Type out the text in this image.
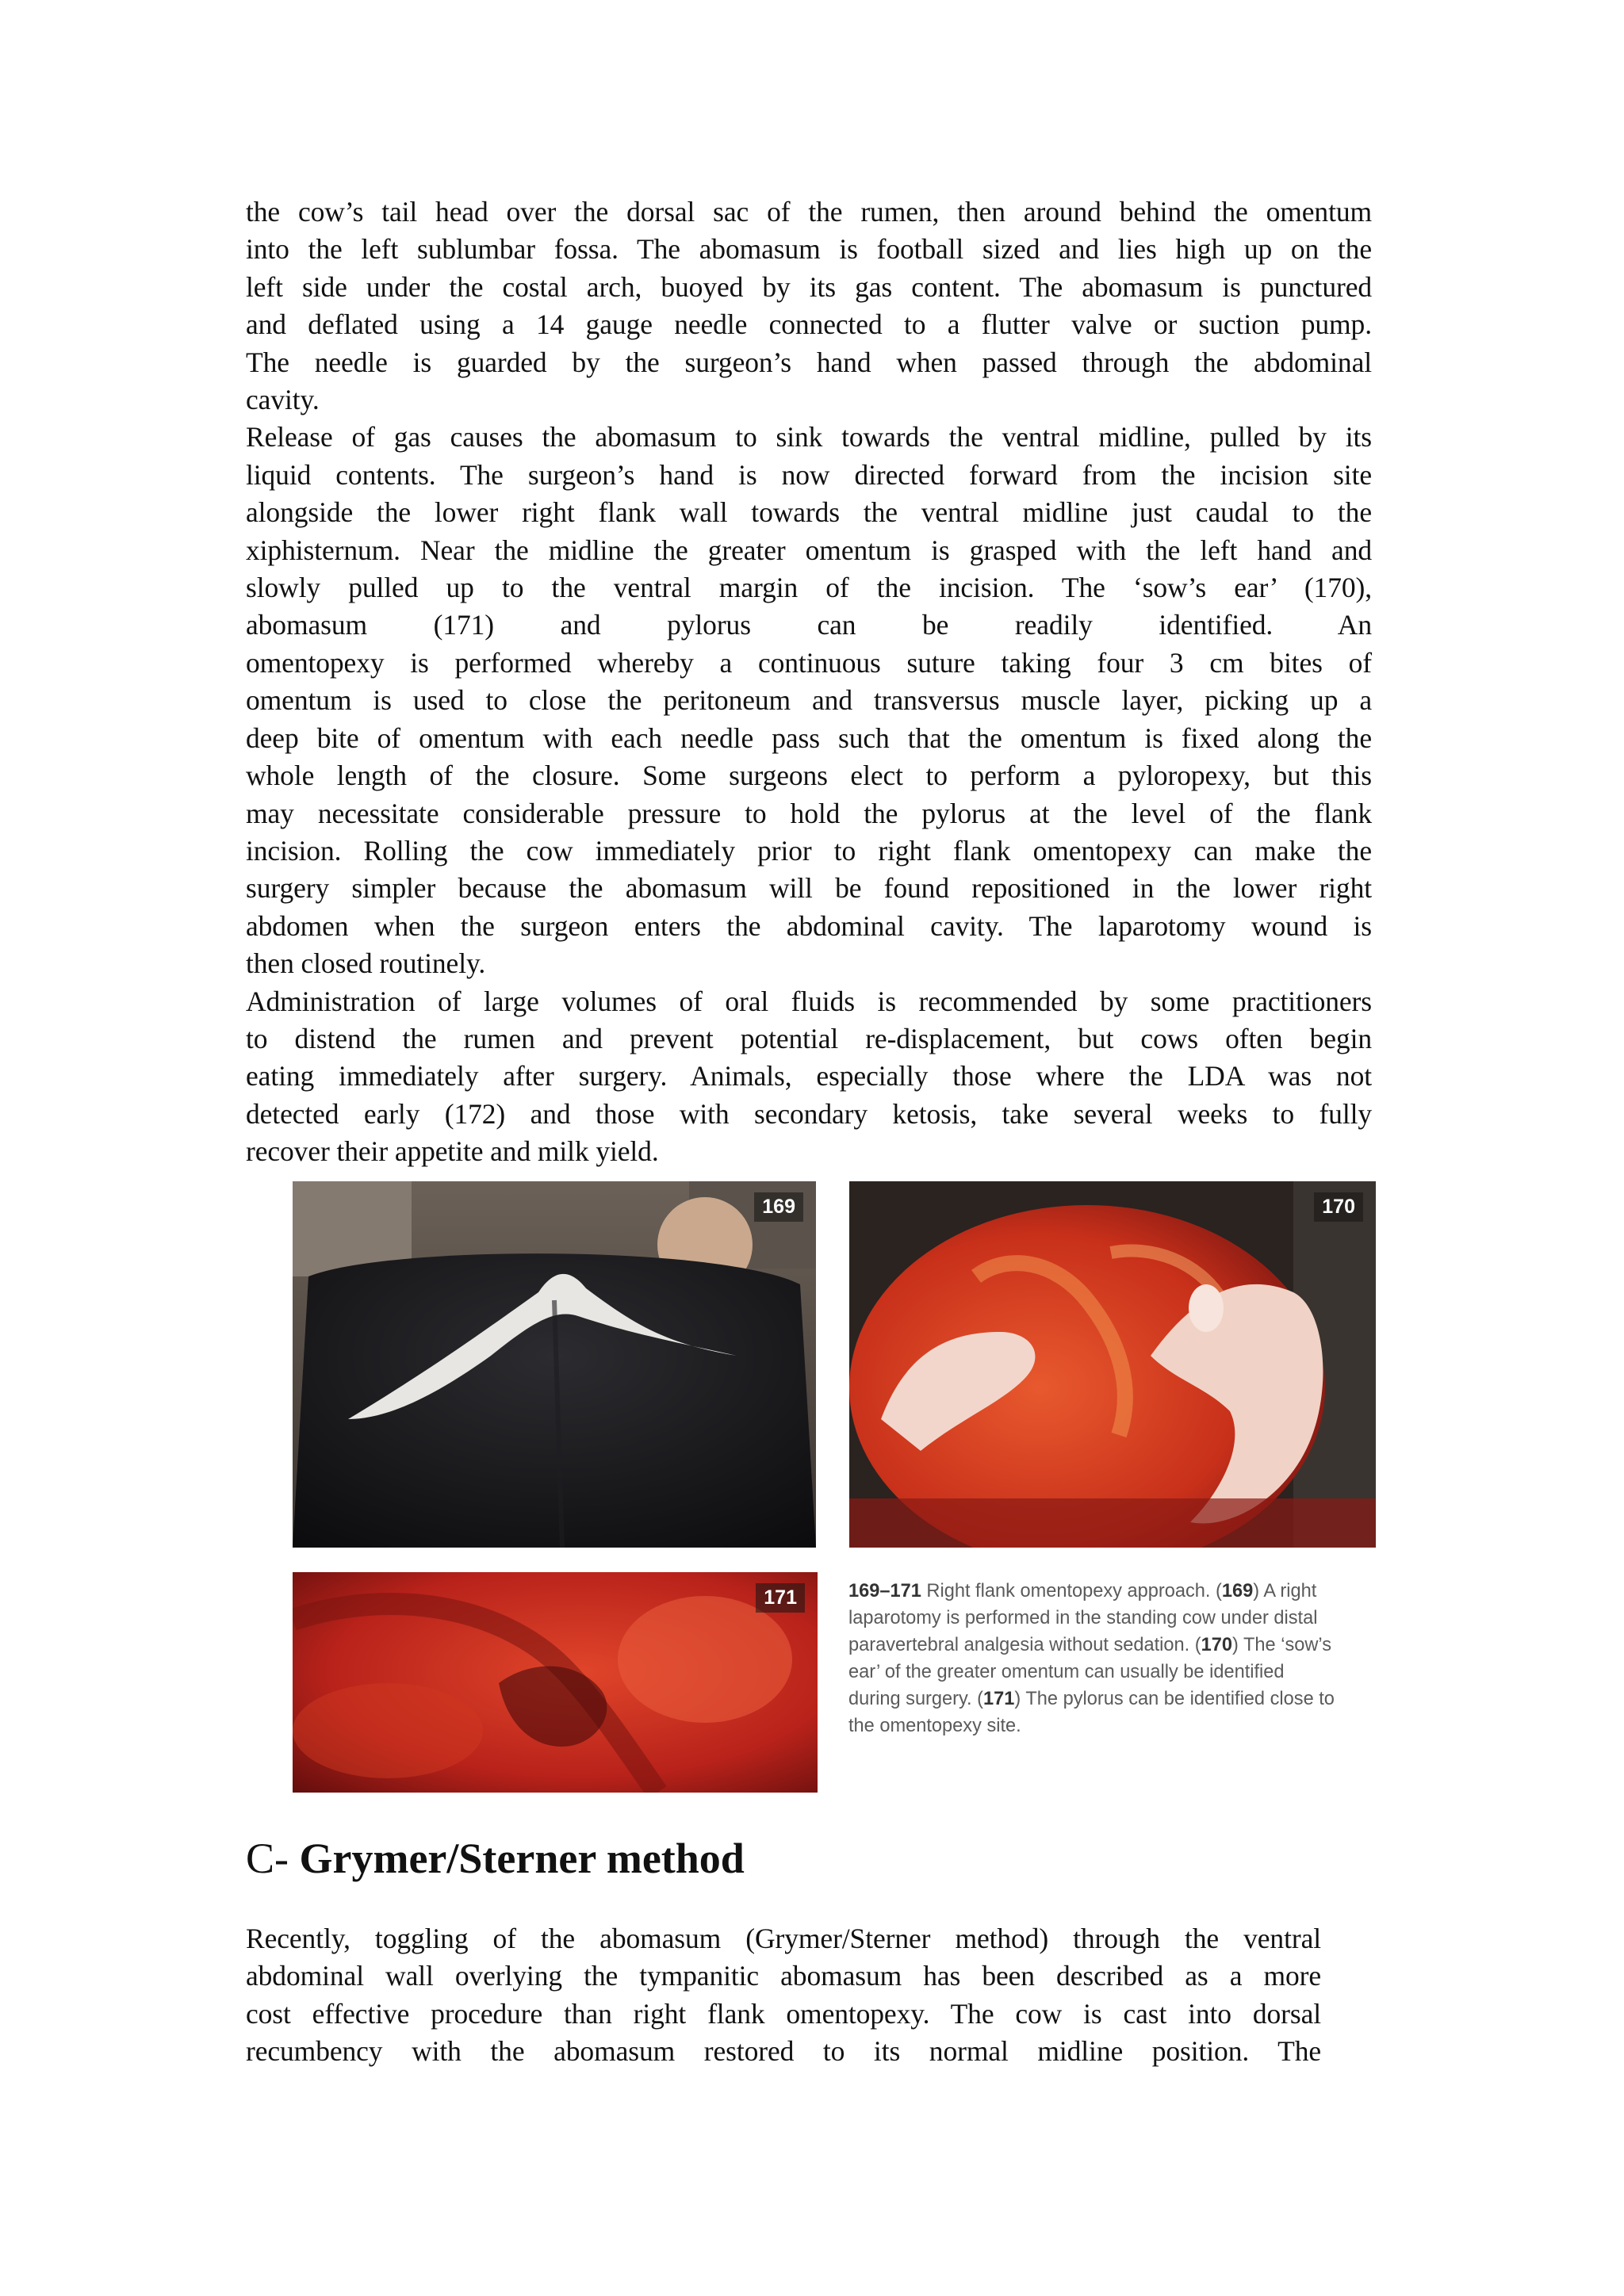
the cow’s tail head over the dorsal sac of the rumen, then around behind the omentum
into the left sublumbar fossa. The abomasum is football sized and lies high up on the
left side under the costal arch, buoyed by its gas content. The abomasum is punctured
and deflated using a 14 gauge needle connected to a flutter valve or suction pump.
The needle is guarded by the surgeon’s hand when passed through the abdominal
cavity.
Release of gas causes the abomasum to sink towards the ventral midline, pulled by its
liquid contents. The surgeon’s hand is now directed forward from the incision site
alongside the lower right flank wall towards the ventral midline just caudal to the
xiphisternum. Near the midline the greater omentum is grasped with the left hand and
slowly pulled up to the ventral margin of the incision. The ‘sow’s ear’ (170),
abomasum (171) and pylorus can be readily identified. An
omentopexy is performed whereby a continuous suture taking four 3 cm bites of
omentum is used to close the peritoneum and transversus muscle layer, picking up a
deep bite of omentum with each needle pass such that the omentum is fixed along the
whole length of the closure. Some surgeons elect to perform a pyloropexy, but this
may necessitate considerable pressure to hold the pylorus at the level of the flank
incision. Rolling the cow immediately prior to right flank omentopexy can make the
surgery simpler because the abomasum will be found repositioned in the lower right
abdomen when the surgeon enters the abdominal cavity. The laparotomy wound is
then closed routinely.
Administration of large volumes of oral fluids is recommended by some practitioners
to distend the rumen and prevent potential re-displacement, but cows often begin
eating immediately after surgery. Animals, especially those where the LDA was not
detected early (172) and those with secondary ketosis, take several weeks to fully
recover their appetite and milk yield.
169	170
171	169–171 Right flank omentopexy approach. (169) A right
laparotomy is performed in the standing cow under distal
paravertebral analgesia without sedation. (170) The ‘sow’s
ear’ of the greater omentum can usually be identified
during surgery. (171) The pylorus can be identified close to
the omentopexy site.
C- Grymer/Sterner method
Recently, toggling of the abomasum (Grymer/Sterner method) through the ventral
abdominal wall overlying the tympanitic abomasum has been described as a more
cost effective procedure than right flank omentopexy. The cow is cast into dorsal
recumbency with the abomasum restored to its normal midline position. The
